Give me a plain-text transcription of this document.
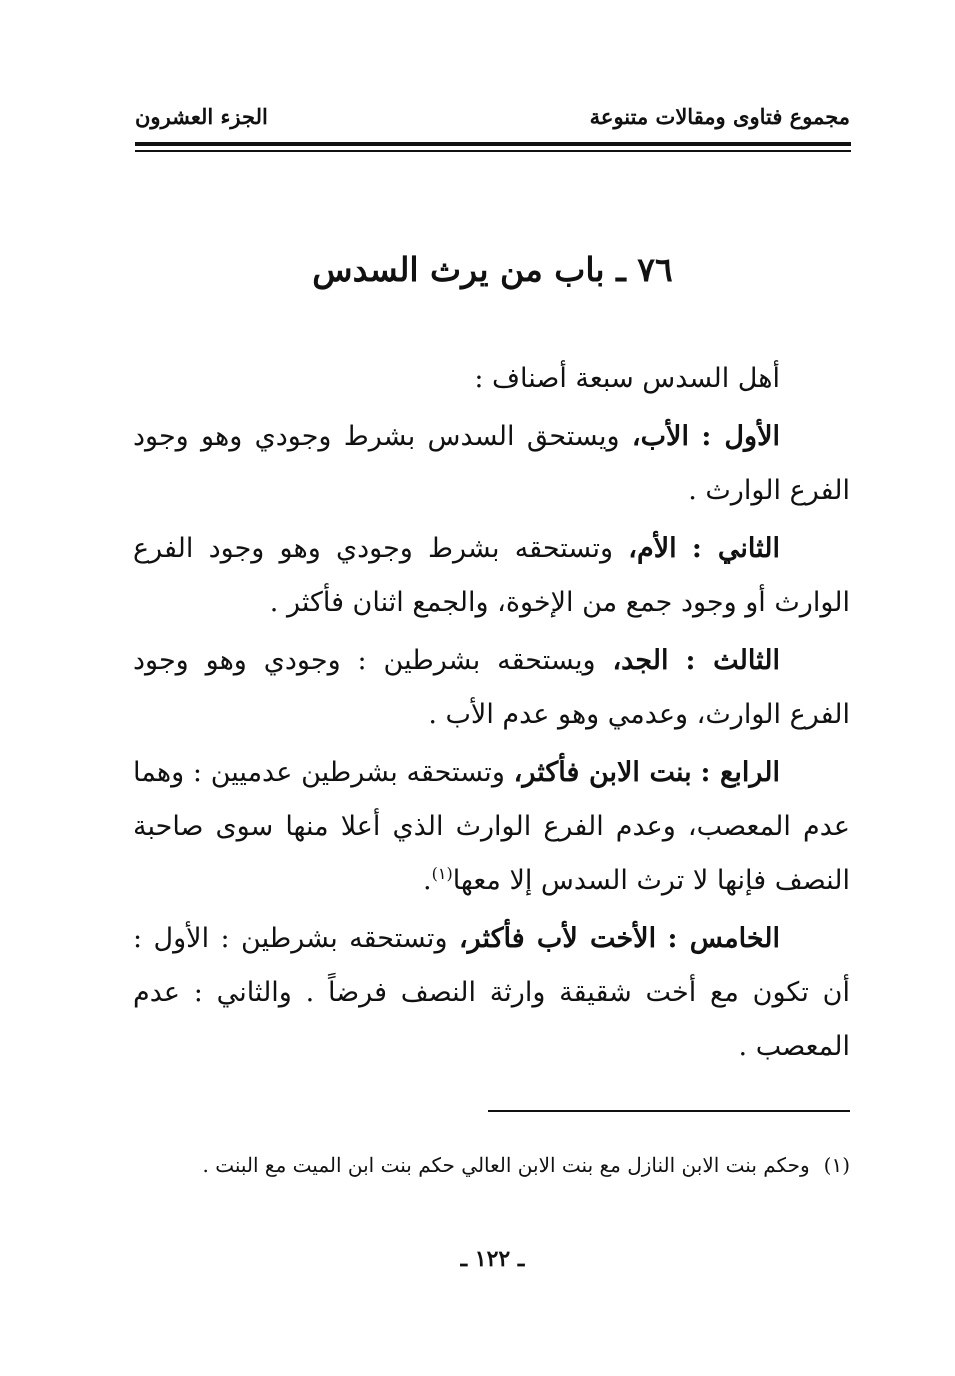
مجموع فتاوى ومقالات متنوعة
الجزء العشرون
٧٦ ـ باب من يرث السدس

أهل السدس سبعة أصناف :

الأول : الأب، ويستحق السدس بشرط وجودي وهو وجود الفرع الوارث .

الثاني : الأم، وتستحقه بشرط وجودي وهو وجود الفرع الوارث أو وجود جمع من الإخوة، والجمع اثنان فأكثر .

الثالث : الجد، ويستحقه بشرطين : وجودي وهو وجود الفرع الوارث، وعدمي وهو عدم الأب .

الرابع : بنت الابن فأكثر، وتستحقه بشرطين عدميين : وهما عدم المعصب، وعدم الفرع الوارث الذي أعلا منها سوى صاحبة النصف فإنها لا ترث السدس إلا معها$^{(١)}$.

الخامس : الأخت لأب فأكثر، وتستحقه بشرطين : الأول : أن تكون مع أخت شقيقة وارثة النصف فرضاً . والثاني : عدم المعصب .

(١)
وحكم بنت الابن النازل مع بنت الابن العالي حكم بنت ابن الميت مع البنت .
ـ ١٢٢ ـ
